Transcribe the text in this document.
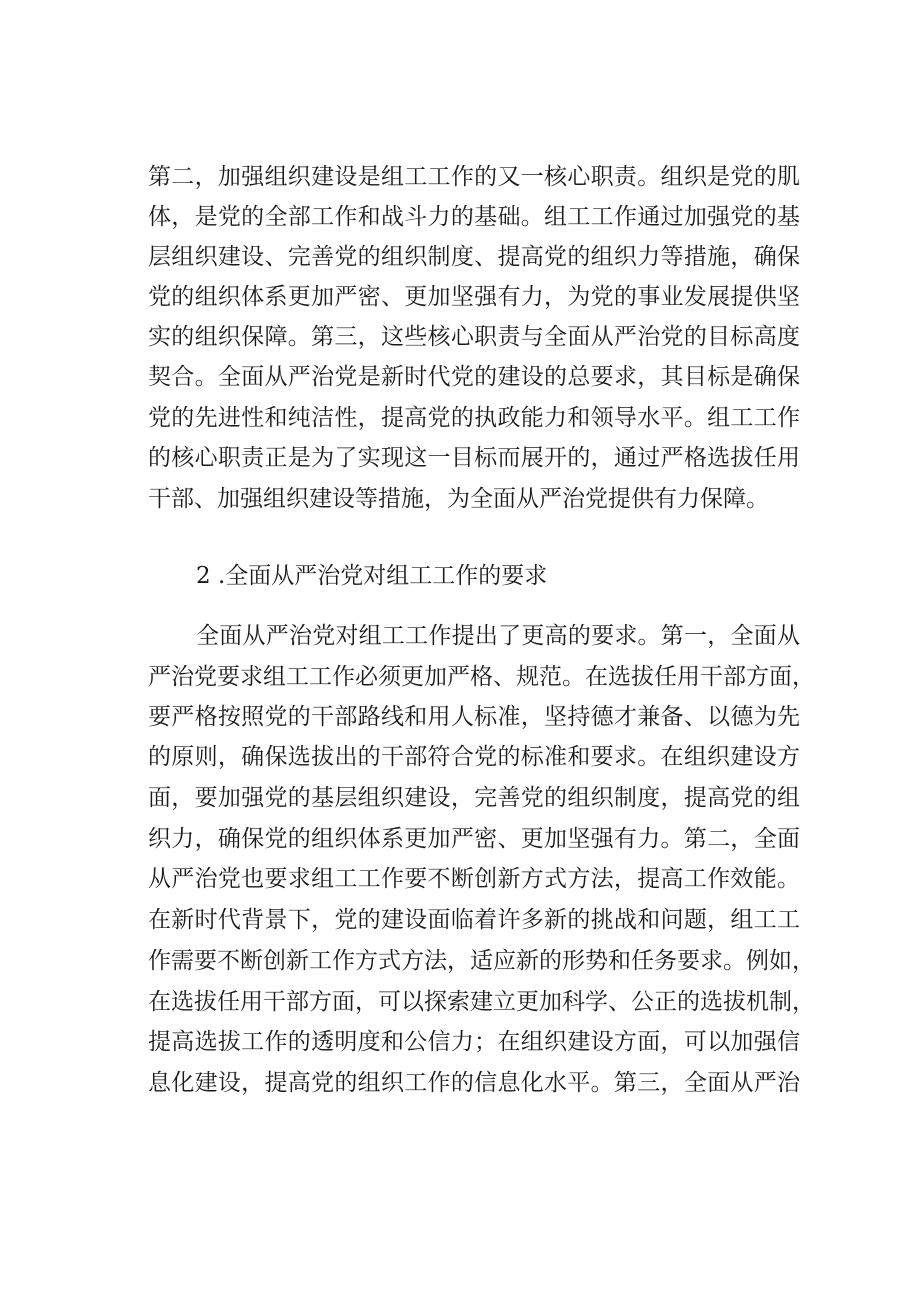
第二，加强组织建设是组工工作的又一核心职责。组织是党的肌
体，是党的全部工作和战斗力的基础。组工工作通过加强党的基
层组织建设、完善党的组织制度、提高党的组织力等措施，确保
党的组织体系更加严密、更加坚强有力，为党的事业发展提供坚
实的组织保障。第三，这些核心职责与全面从严治党的目标高度
契合。全面从严治党是新时代党的建设的总要求，其目标是确保
党的先进性和纯洁性，提高党的执政能力和领导水平。组工工作
的核心职责正是为了实现这一目标而展开的，通过严格选拔任用
干部、加强组织建设等措施，为全面从严治党提供有力保障。
2 .全面从严治党对组工工作的要求
全面从严治党对组工工作提出了更高的要求。第一，全面从
严治党要求组工工作必须更加严格、规范。在选拔任用干部方面，
要严格按照党的干部路线和用人标准，坚持德才兼备、以德为先
的原则，确保选拔出的干部符合党的标准和要求。在组织建设方
面，要加强党的基层组织建设，完善党的组织制度，提高党的组
织力，确保党的组织体系更加严密、更加坚强有力。第二，全面
从严治党也要求组工工作要不断创新方式方法，提高工作效能。
在新时代背景下，党的建设面临着许多新的挑战和问题，组工工
作需要不断创新工作方式方法，适应新的形势和任务要求。例如，
在选拔任用干部方面，可以探索建立更加科学、公正的选拔机制，
提高选拔工作的透明度和公信力；在组织建设方面，可以加强信
息化建设，提高党的组织工作的信息化水平。第三，全面从严治
